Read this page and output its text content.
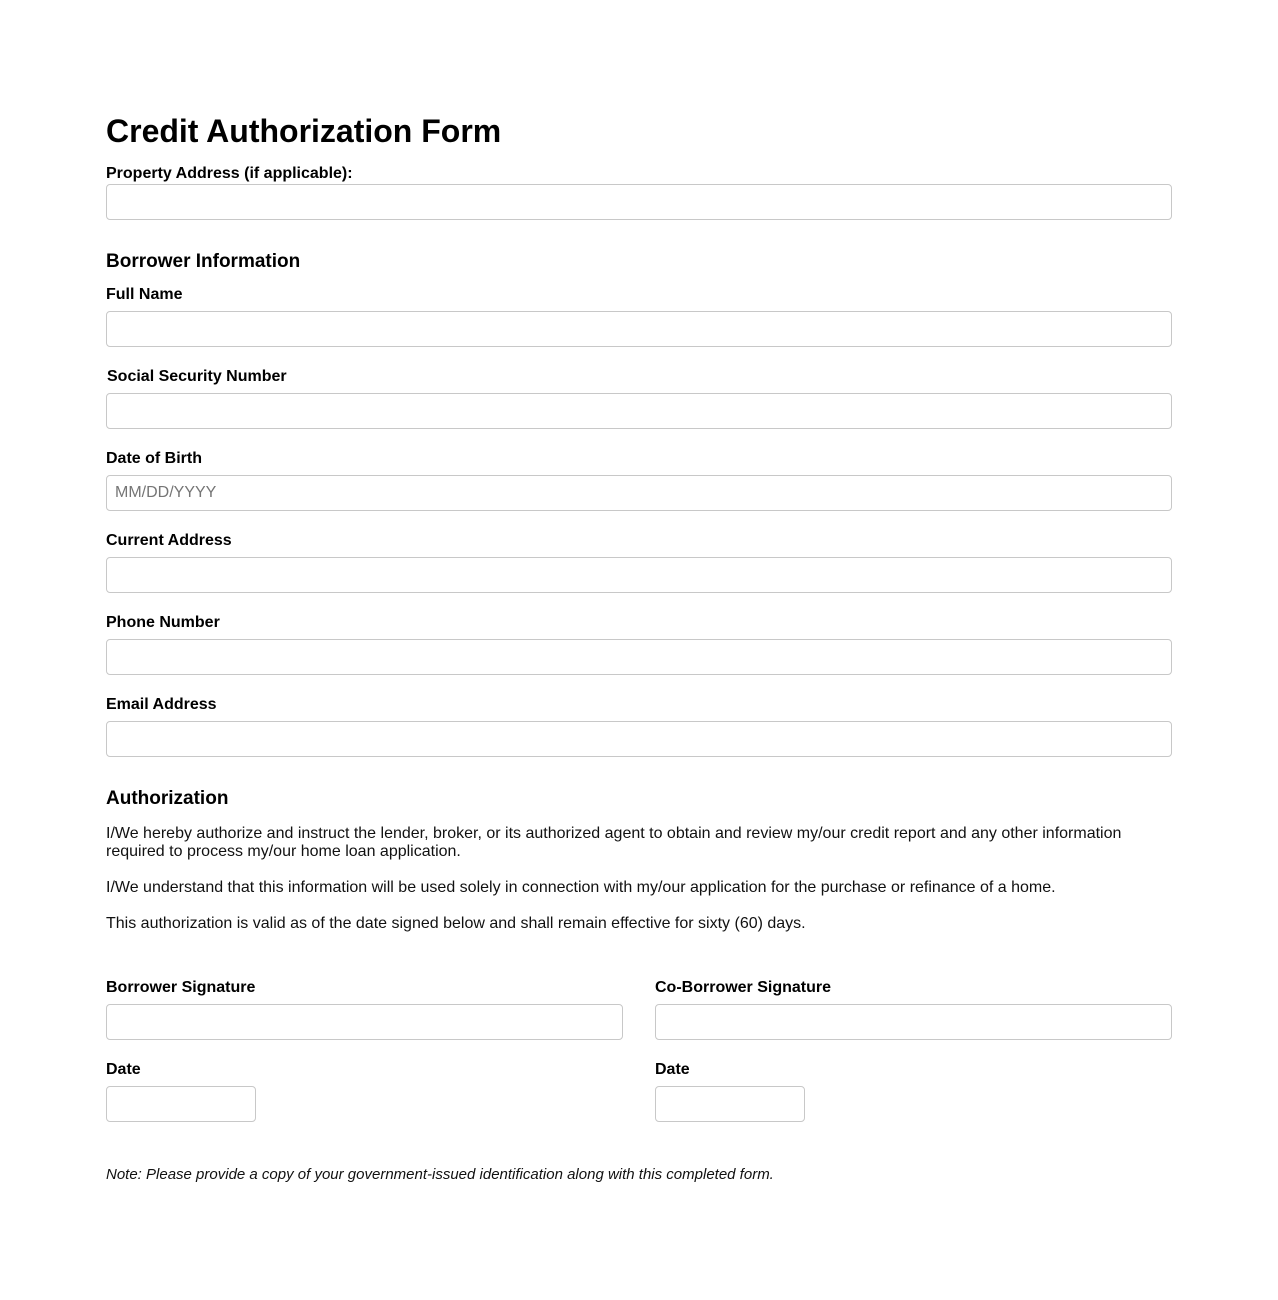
Credit Authorization Form
Property Address (if applicable):
Borrower Information
Full Name
Social Security Number
Date of Birth
MM/DD/YYYY
Current Address
Phone Number
Email Address
Authorization

I/We hereby authorize and instruct the lender, broker, or its authorized agent to obtain and review my/our credit report and any other information required to process my/our home loan application.

I/We understand that this information will be used solely in connection with my/our application for the purchase or refinance of a home.

This authorization is valid as of the date signed below and shall remain effective for sixty (60) days.

Borrower Signature	Co-Borrower Signature
Date	Date

Note: Please provide a copy of your government-issued identification along with this completed form.
